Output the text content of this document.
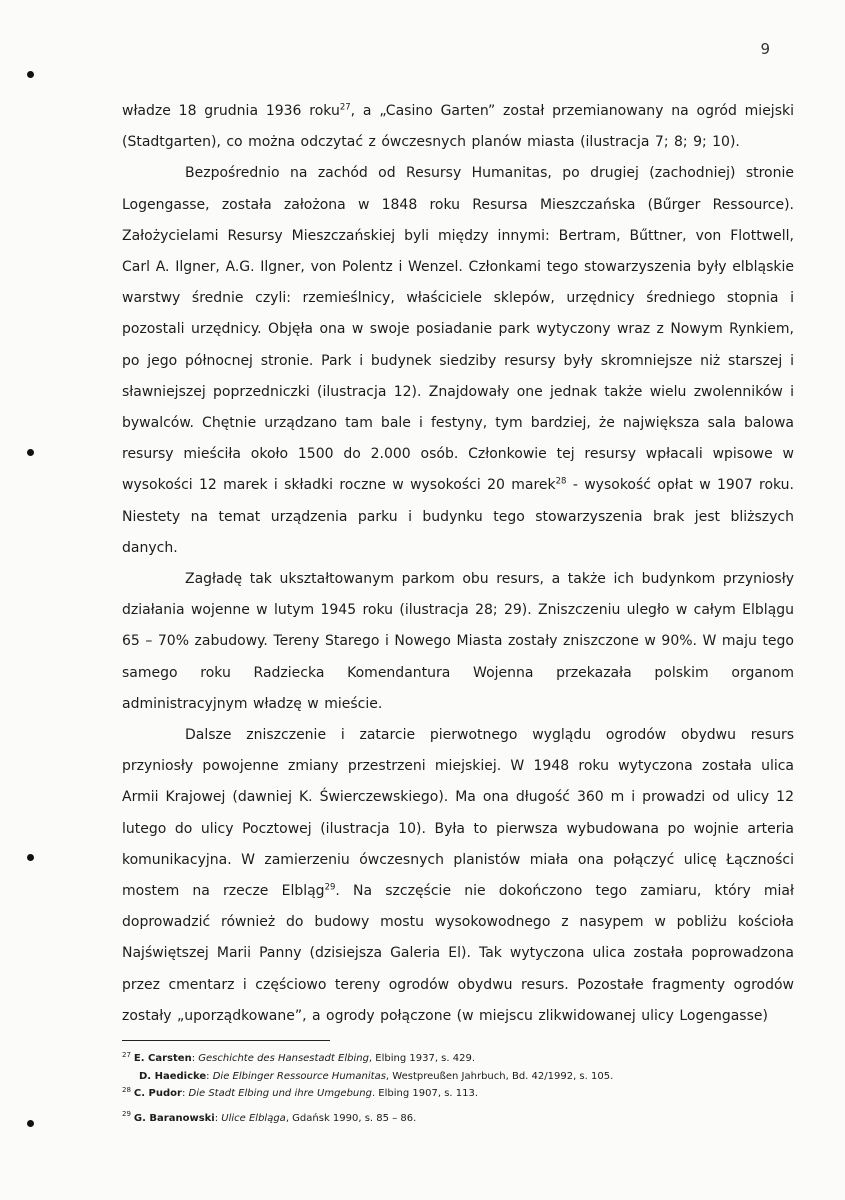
9

władze 18 grudnia 1936 roku$^{27}$, a „Casino Garten” został przemianowany na ogród miejski (Stadtgarten), co można odczytać z ówczesnych planów miasta (ilustracja 7; 8; 9; 10).

Bezpośrednio na zachód od Resursy Humanitas, po drugiej (zachodniej) stronie Logengasse, została założona w 1848 roku Resursa Mieszczańska (Bűrger Ressource). Założycielami Resursy Mieszczańskiej byli między innymi: Bertram, Bűttner, von Flottwell, Carl A. Ilgner, A.G. Ilgner, von Polentz i Wenzel. Członkami tego stowarzyszenia były elbląskie warstwy średnie czyli: rzemieślnicy, właściciele sklepów, urzędnicy średniego stopnia i pozostali urzędnicy. Objęła ona w swoje posiadanie park wytyczony wraz z Nowym Rynkiem, po jego północnej stronie. Park i budynek siedziby resursy były skromniejsze niż starszej i sławniejszej poprzedniczki (ilustracja 12). Znajdowały one jednak także wielu zwolenników i bywalców. Chętnie urządzano tam bale i festyny, tym bardziej, że największa sala balowa resursy mieściła około 1500 do 2.000 osób. Członkowie tej resursy wpłacali wpisowe w wysokości 12 marek i składki roczne w wysokości 20 marek$^{28}$ - wysokość opłat w 1907 roku. Niestety na temat urządzenia parku i budynku tego stowarzyszenia brak jest bliższych danych.

Zagładę tak ukształtowanym parkom obu resurs, a także ich budynkom przyniosły działania wojenne w lutym 1945 roku (ilustracja 28; 29). Zniszczeniu uległo w całym Elblągu 65 – 70% zabudowy. Tereny Starego i Nowego Miasta zostały zniszczone w 90%. W maju tego samego roku Radziecka Komendantura Wojenna przekazała polskim organom administracyjnym władzę w mieście.

Dalsze zniszczenie i zatarcie pierwotnego wyglądu ogrodów obydwu resurs przyniosły powojenne zmiany przestrzeni miejskiej. W 1948 roku wytyczona została ulica Armii Krajowej (dawniej K. Świerczewskiego). Ma ona długość 360 m i prowadzi od ulicy 12 lutego do ulicy Pocztowej (ilustracja 10). Była to pierwsza wybudowana po wojnie arteria komunikacyjna. W zamierzeniu ówczesnych planistów miała ona połączyć ulicę Łączności mostem na rzecze Elbląg$^{29}$. Na szczęście nie dokończono tego zamiaru, który miał doprowadzić również do budowy mostu wysokowodnego z nasypem w pobliżu kościoła Najświętszej Marii Panny (dzisiejsza Galeria El). Tak wytyczona ulica została poprowadzona przez cmentarz i częściowo tereny ogrodów obydwu resurs. Pozostałe fragmenty ogrodów zostały „uporządkowane”, a ogrody połączone (w miejscu zlikwidowanej ulicy Logengasse)

$^{27}$ E. Carsten: Geschichte des Hansestadt Elbing, Elbing 1937, s. 429.
D. Haedicke: Die Elbinger Ressource Humanitas, Westpreußen Jahrbuch, Bd. 42/1992, s. 105.
$^{28}$ C. Pudor: Die Stadt Elbing und ihre Umgebung. Elbing 1907, s. 113.
$^{29}$ G. Baranowski: Ulice Elbląga, Gdańsk 1990, s. 85 – 86.
